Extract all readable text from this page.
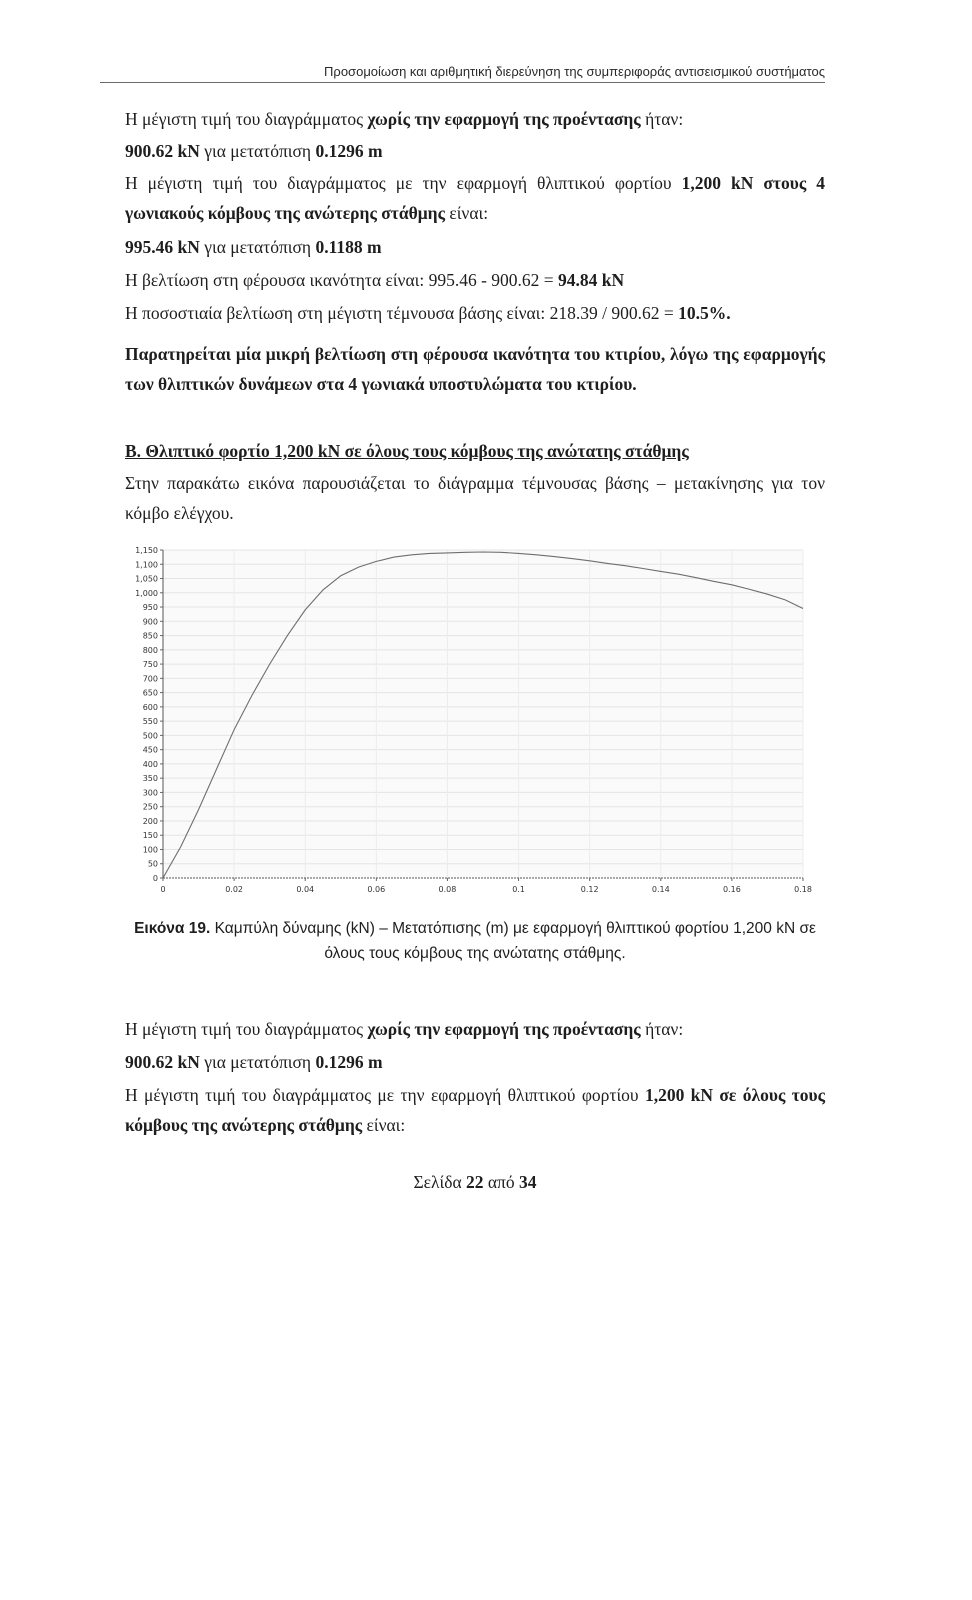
Προσομοίωση και αριθμητική διερεύνηση της συμπεριφοράς αντισεισμικού συστήματος

Η μέγιστη τιμή του διαγράμματος χωρίς την εφαρμογή της προέντασης ήταν:

900.62 kN για μετατόπιση 0.1296 m

Η μέγιστη τιμή του διαγράμματος με την εφαρμογή θλιπτικού φορτίου 1,200 kN στους 4 γωνιακούς κόμβους της ανώτερης στάθμης είναι:

995.46 kN για μετατόπιση 0.1188 m

Η βελτίωση στη φέρουσα ικανότητα είναι: 995.46 - 900.62 = 94.84 kN

Η ποσοστιαία βελτίωση στη μέγιστη τέμνουσα βάσης είναι: 218.39 / 900.62 = 10.5%.

Παρατηρείται μία μικρή βελτίωση στη φέρουσα ικανότητα του κτιρίου, λόγω της εφαρμογής των θλιπτικών δυνάμεων στα 4 γωνιακά υποστυλώματα του κτιρίου.

Β. Θλιπτικό φορτίο 1,200 kN σε όλους τους κόμβους της ανώτατης στάθμης

Στην παρακάτω εικόνα παρουσιάζεται το διάγραμμα τέμνουσας βάσης – μετακίνησης για τον κόμβο ελέγχου.

0
50
100
150
200
250
300
350
400
450
500
550
600
650
700
750
800
850
900
950
1,000
1,050
1,100
1,150
0	0.02	0.04	0.06	0.08	0.1	0.12	0.14	0.16	0.18
Εικόνα 19. Καμπύλη δύναμης (kN) – Μετατόπισης (m) με εφαρμογή θλιπτικού φορτίου 1,200 kN σε όλους τους κόμβους της ανώτατης στάθμης.

Η μέγιστη τιμή του διαγράμματος χωρίς την εφαρμογή της προέντασης ήταν:

900.62 kN για μετατόπιση 0.1296 m

Η μέγιστη τιμή του διαγράμματος με την εφαρμογή θλιπτικού φορτίου 1,200 kN σε όλους τους κόμβους της ανώτερης στάθμης είναι:

Σελίδα 22 από 34
